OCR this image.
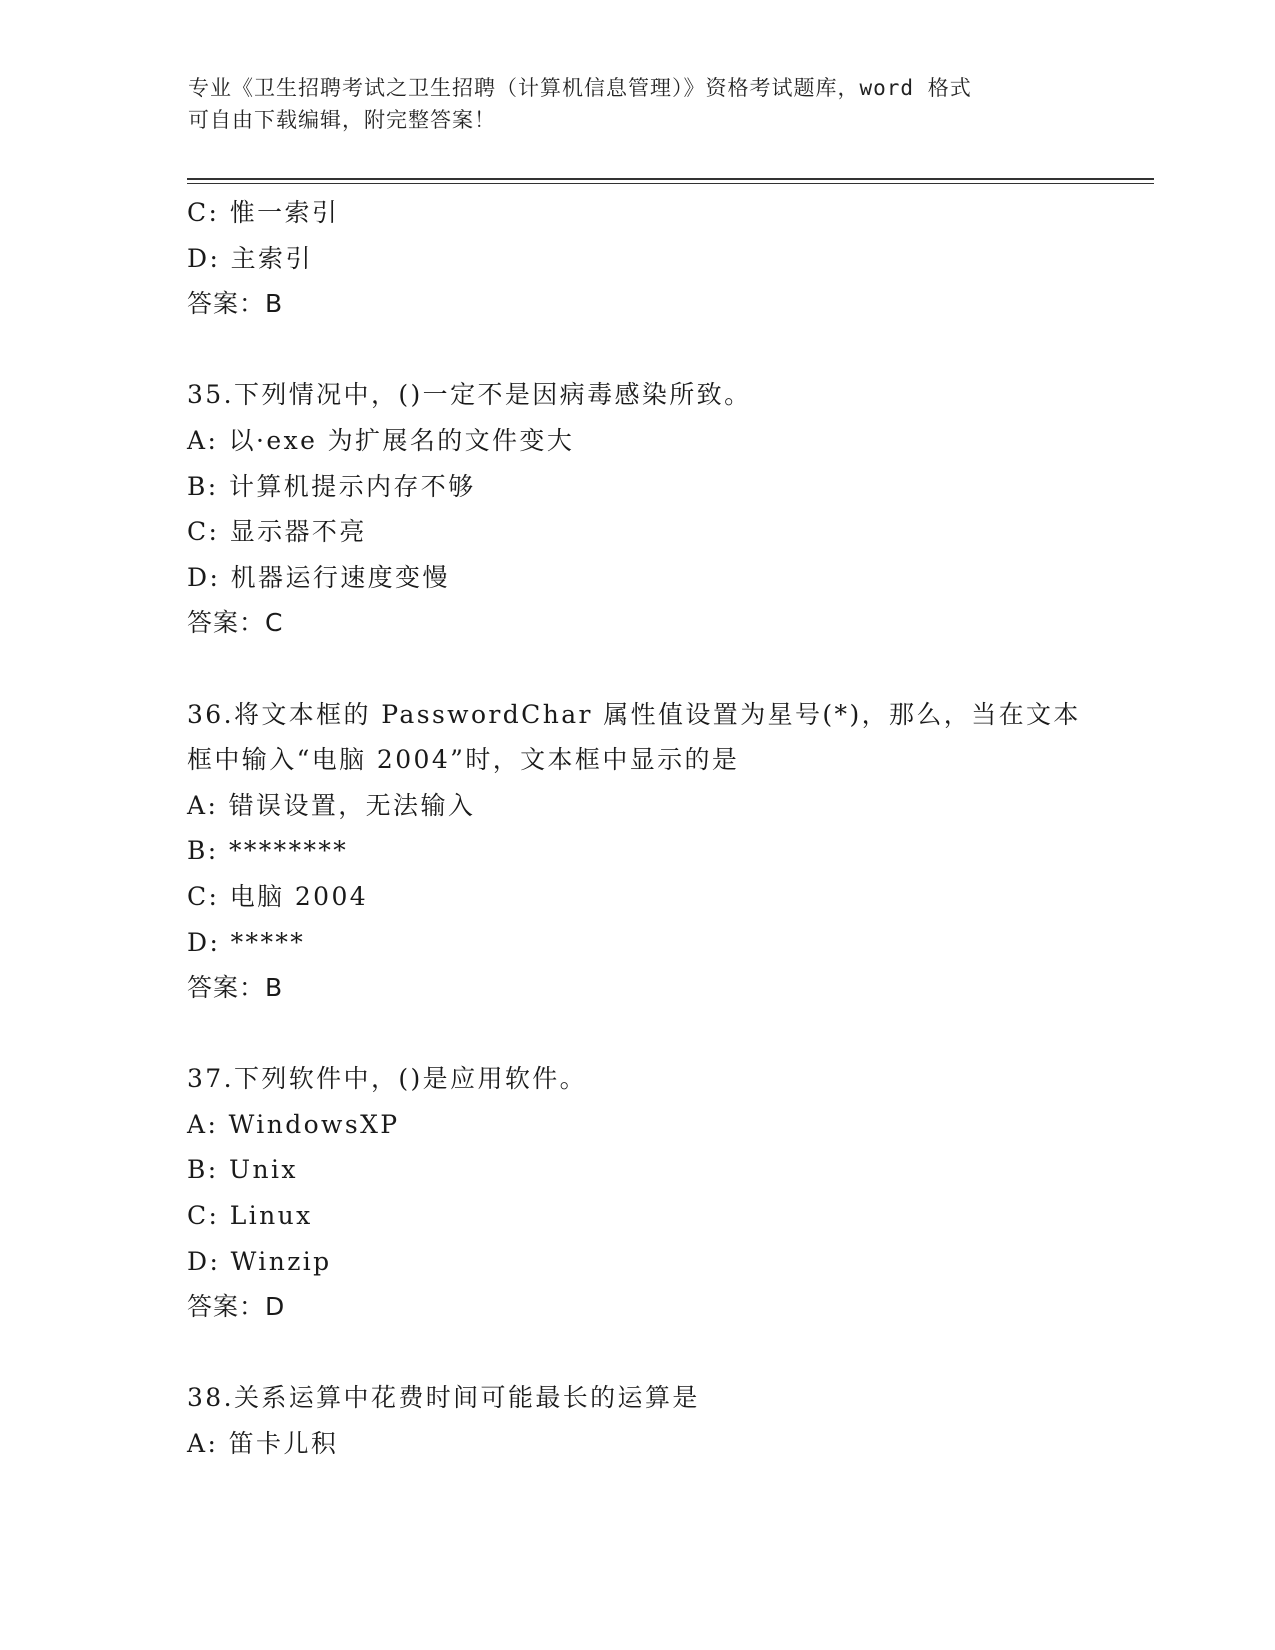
专业《卫生招聘考试之卫生招聘（计算机信息管理）》资格考试题库，word 格式
可自由下载编辑，附完整答案！
C: 惟一索引
D: 主索引
答案：B
35.下列情况中，()一定不是因病毒感染所致。
A: 以·exe 为扩展名的文件变大
B: 计算机提示内存不够
C: 显示器不亮
D: 机器运行速度变慢
答案：C
36.将文本框的 PasswordChar 属性值设置为星号(*)，那么，当在文本
框中输入“电脑 2004”时，文本框中显示的是
A: 错误设置，无法输入
B: ********
C: 电脑 2004
D: *****
答案：B
37.下列软件中，()是应用软件。
A: WindowsXP
B: Unix
C: Linux
D: Winzip
答案：D
38.关系运算中花费时间可能最长的运算是
A: 笛卡儿积
